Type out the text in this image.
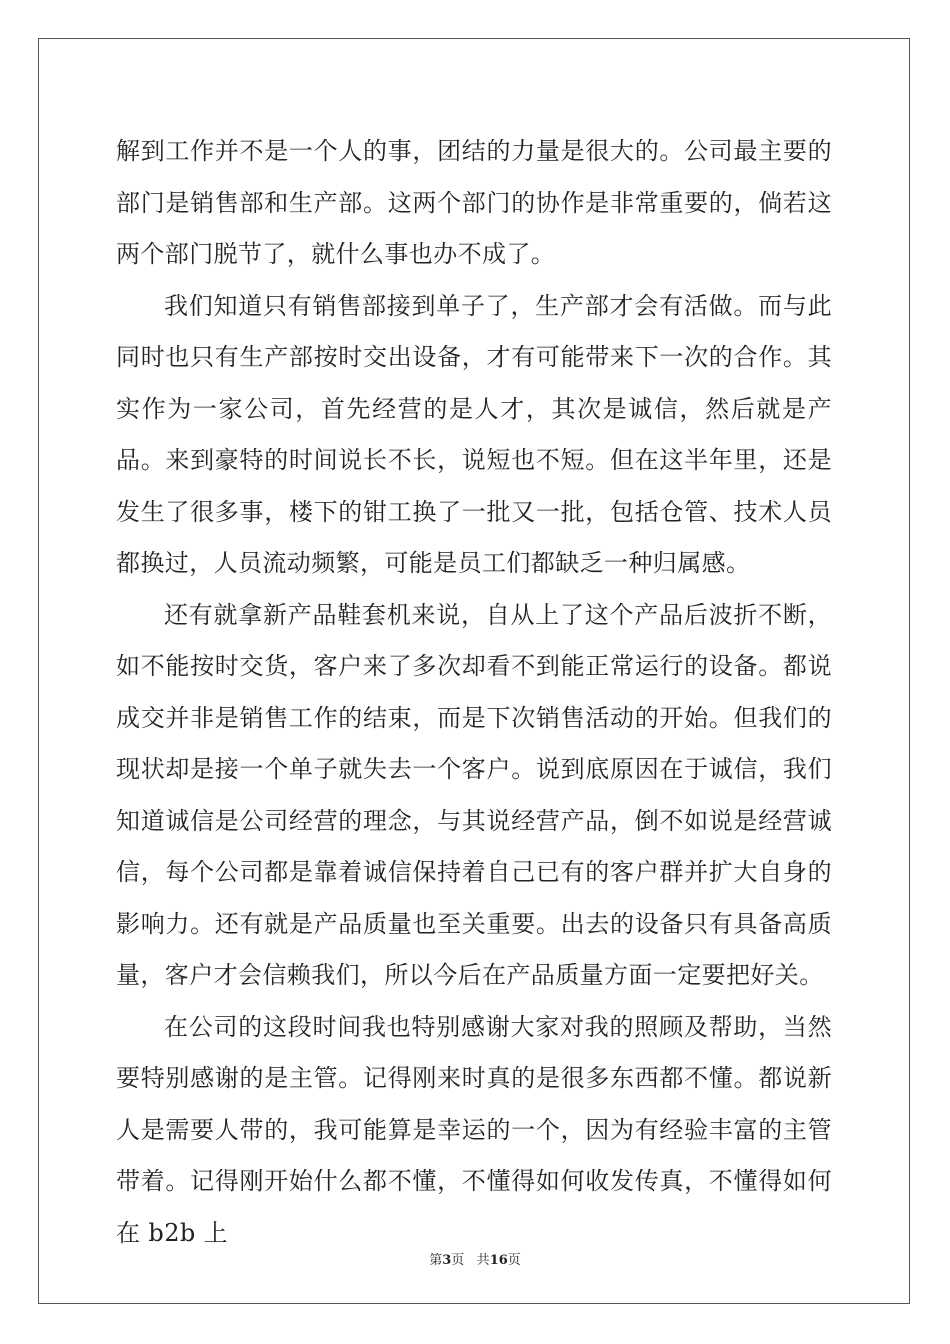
解到工作并不是一个人的事，团结的力量是很大的。公司最主要的部门是销售部和生产部。这两个部门的协作是非常重要的，倘若这两个部门脱节了，就什么事也办不成了。

我们知道只有销售部接到单子了，生产部才会有活做。而与此同时也只有生产部按时交出设备，才有可能带来下一次的合作。其实作为一家公司，首先经营的是人才，其次是诚信，然后就是产品。来到豪特的时间说长不长，说短也不短。但在这半年里，还是发生了很多事，楼下的钳工换了一批又一批，包括仓管、技术人员都换过，人员流动频繁，可能是员工们都缺乏一种归属感。

还有就拿新产品鞋套机来说，自从上了这个产品后波折不断，如不能按时交货，客户来了多次却看不到能正常运行的设备。都说成交并非是销售工作的结束，而是下次销售活动的开始。但我们的现状却是接一个单子就失去一个客户。说到底原因在于诚信，我们知道诚信是公司经营的理念，与其说经营产品，倒不如说是经营诚信，每个公司都是靠着诚信保持着自己已有的客户群并扩大自身的影响力。还有就是产品质量也至关重要。出去的设备只有具备高质量，客户才会信赖我们，所以今后在产品质量方面一定要把好关。

在公司的这段时间我也特别感谢大家对我的照顾及帮助，当然要特别感谢的是主管。记得刚来时真的是很多东西都不懂。都说新人是需要人带的，我可能算是幸运的一个，因为有经验丰富的主管带着。记得刚开始什么都不懂，不懂得如何收发传真，不懂得如何在 b2b 上

第3页 共16页
